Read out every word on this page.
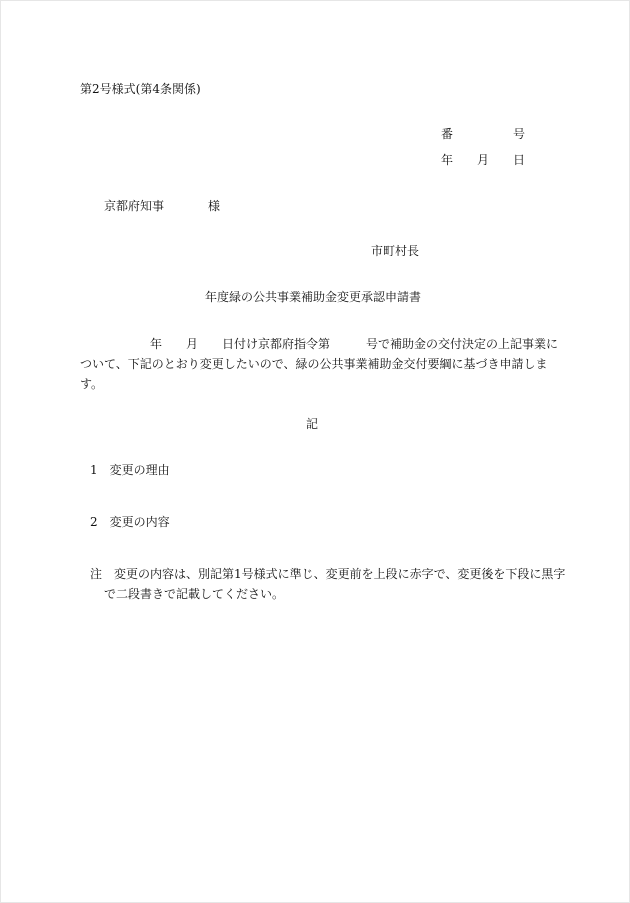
第2号様式(第4条関係)
番	号
年 月 日
京都府知事	様
市町村長
年度緑の公共事業補助金変更承認申請書
年 月 日付け京都府指令第	号で補助金の交付決定の上記事業に
ついて、下記のとおり変更したいので、緑の公共事業補助金交付要綱に基づき申請しま
す。
記
1 変更の理由
2 変更の内容
注 変更の内容は、別記第1号様式に準じ、変更前を上段に赤字で、変更後を下段に黒字
で二段書きで記載してください。
